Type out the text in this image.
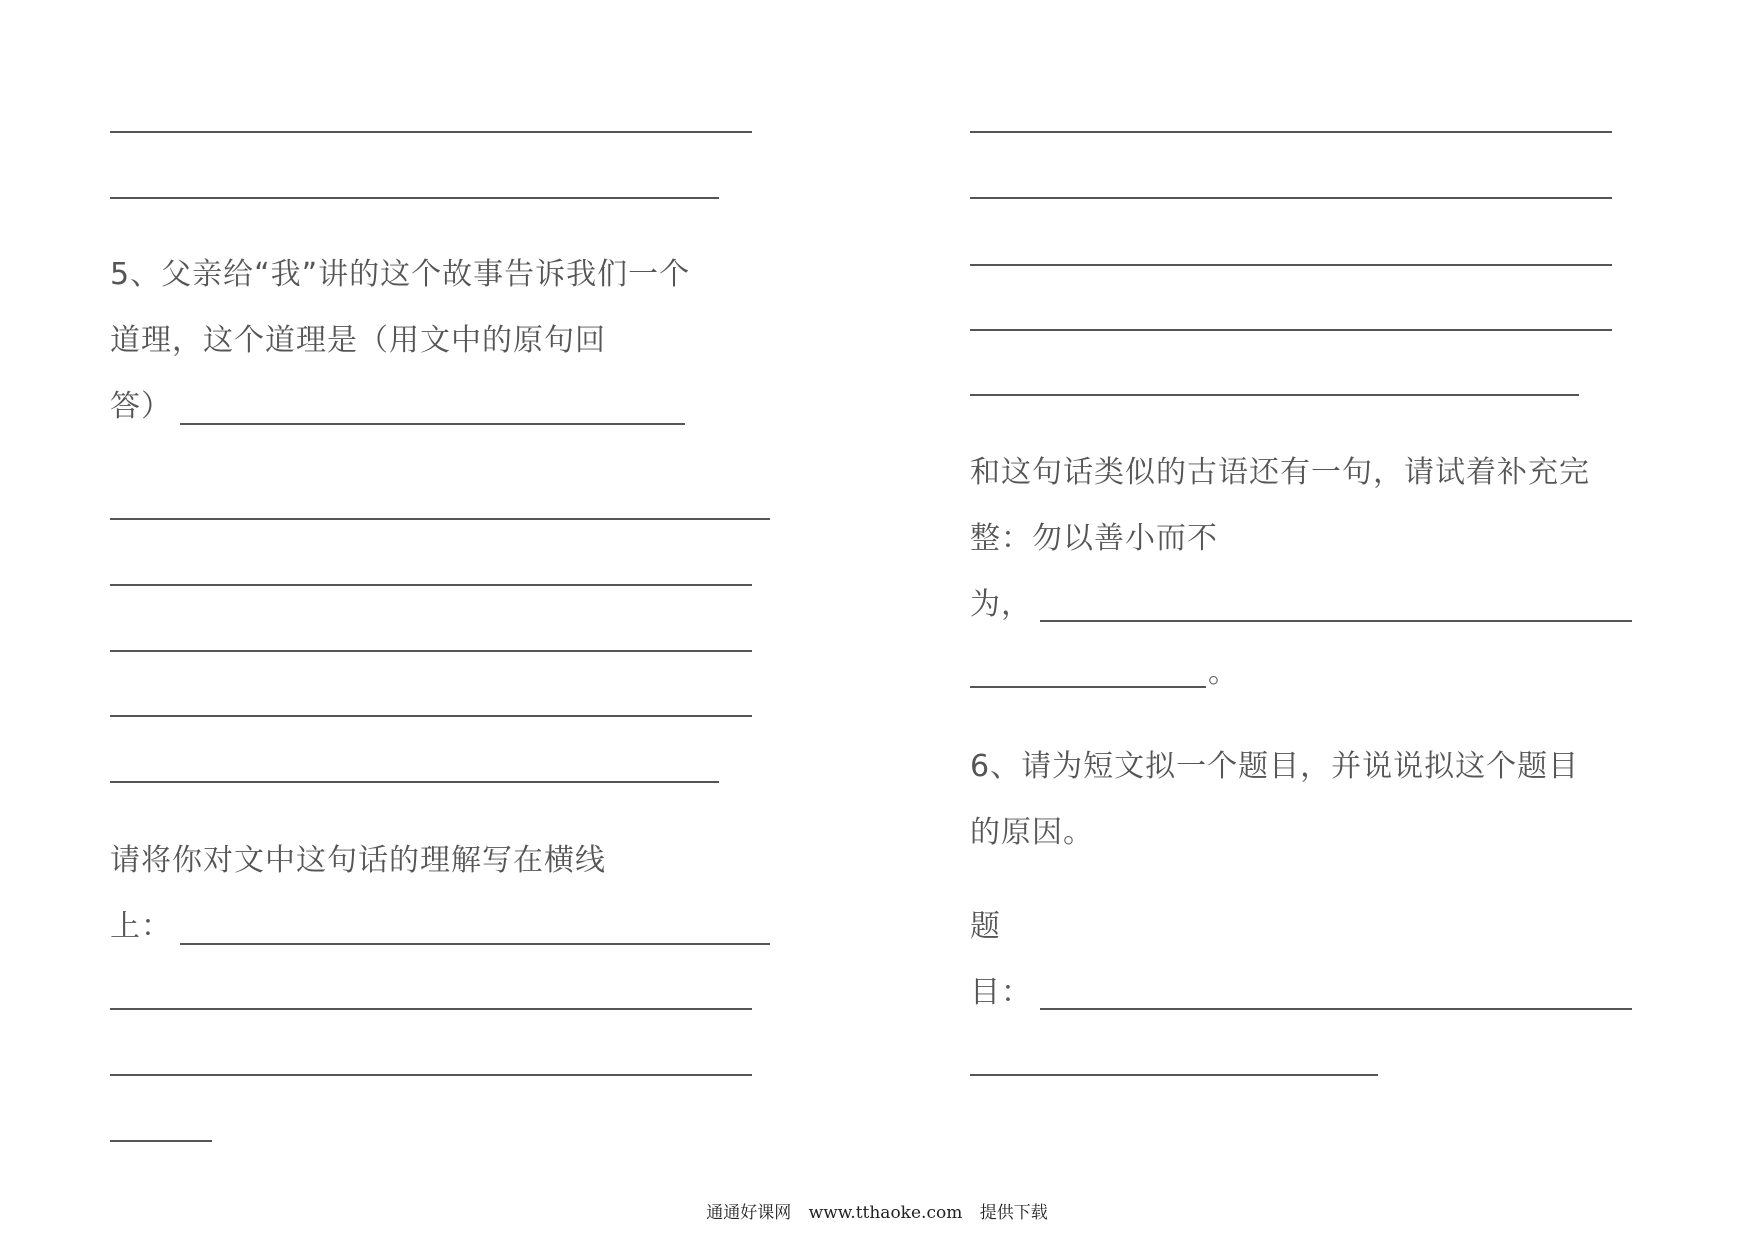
5、父亲给“我”讲的这个故事告诉我们一个
道理，这个道理是（用文中的原句回
答）
请将你对文中这句话的理解写在横线
上：
和这句话类似的古语还有一句，请试着补充完
整：勿以善小而不
为，
。
6、请为短文拟一个题目，并说说拟这个题目
的原因。
题
目：
通通好课网 www.tthaoke.com 提供下载
